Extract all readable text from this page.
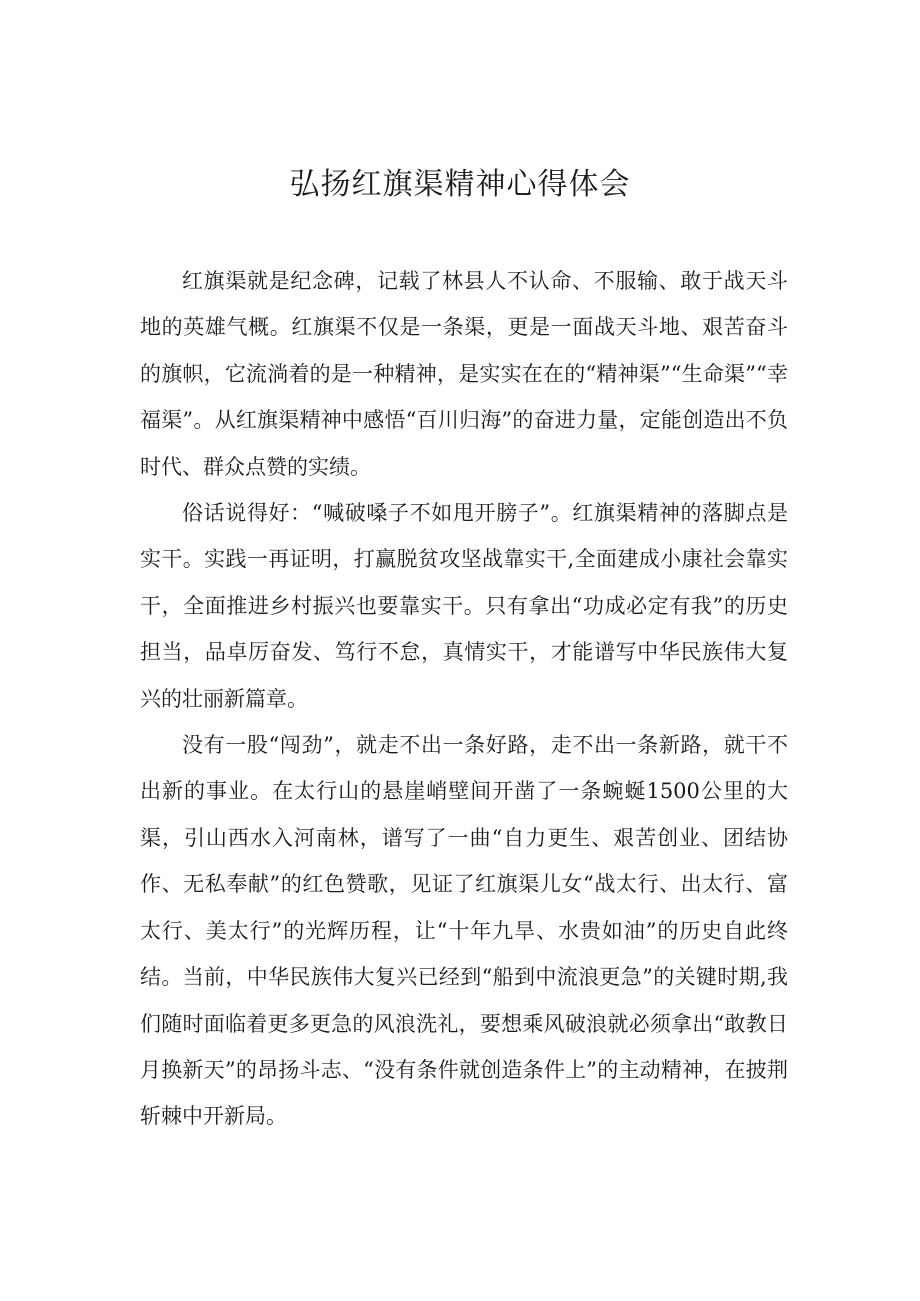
弘扬红旗渠精神心得体会

红旗渠就是纪念碑，记载了林县人不认命、不服输、敢于战天斗地的英雄气概。红旗渠不仅是一条渠，更是一面战天斗地、艰苦奋斗的旗帜，它流淌着的是一种精神，是实实在在的“精神渠”“生命渠”“幸福渠”。从红旗渠精神中感悟“百川归海”的奋进力量，定能创造出不负时代、群众点赞的实绩。

俗话说得好：“喊破嗓子不如甩开膀子”。红旗渠精神的落脚点是实干。实践一再证明，打赢脱贫攻坚战靠实干,全面建成小康社会靠实干，全面推进乡村振兴也要靠实干。只有拿出“功成必定有我”的历史担当，品卓厉奋发、笃行不怠，真情实干，才能谱写中华民族伟大复兴的壮丽新篇章。

没有一股“闯劲”，就走不出一条好路，走不出一条新路，就干不出新的事业。在太行山的悬崖峭壁间开凿了一条蜿蜒1500公里的大渠，引山西水入河南林，谱写了一曲“自力更生、艰苦创业、团结协作、无私奉献”的红色赞歌，见证了红旗渠儿女“战太行、出太行、富太行、美太行”的光辉历程，让“十年九旱、水贵如油”的历史自此终结。当前，中华民族伟大复兴已经到“船到中流浪更急”的关键时期,我们随时面临着更多更急的风浪洗礼，要想乘风破浪就必须拿出“敢教日月换新天”的昂扬斗志、“没有条件就创造条件上”的主动精神，在披荆斩棘中开新局。
